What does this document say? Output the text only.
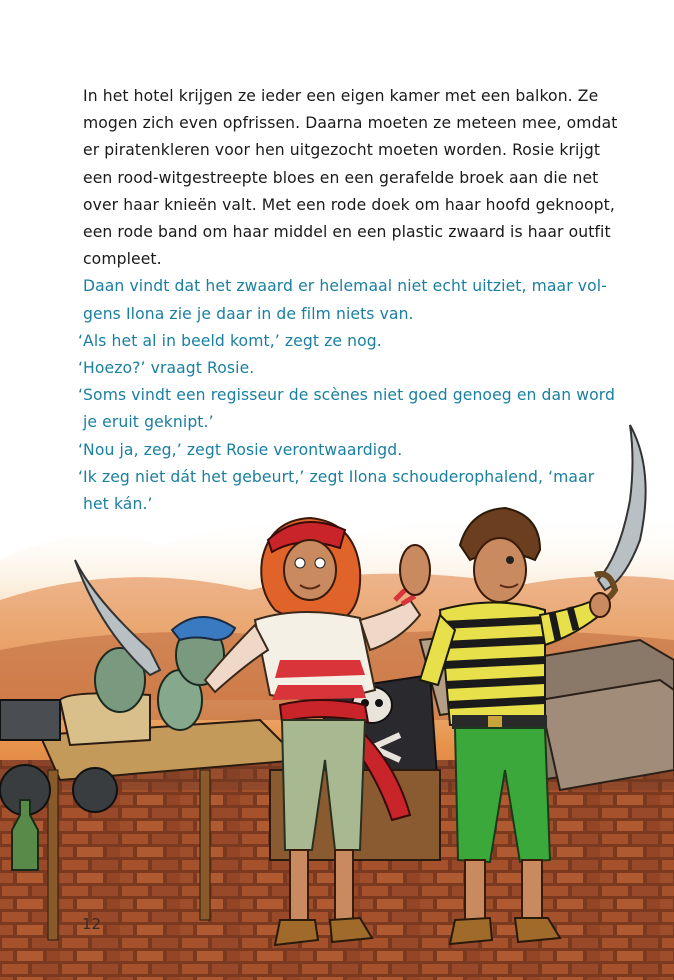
In het hotel krijgen ze ieder een eigen kamer met een balkon. Ze
mogen zich even opfrissen. Daarna moeten ze meteen mee, omdat
er piratenkleren voor hen uitgezocht moeten worden. Rosie krijgt
een rood-witgestreepte bloes en een gerafelde broek aan die net
over haar knieën valt. Met een rode doek om haar hoofd geknoopt,
een rode band om haar middel en een plastic zwaard is haar outfit
compleet.

Daan vindt dat het zwaard er helemaal niet echt uitziet, maar vol-
gens Ilona zie je daar in de film niets van.
‘Als het al in beeld komt,’ zegt ze nog.
‘Hoezo?’ vraagt Rosie.
‘Soms vindt een regisseur de scènes niet goed genoeg en dan word
je eruit geknipt.’
‘Nou ja, zeg,’ zegt Rosie verontwaardigd.
‘Ik zeg niet dát het gebeurt,’ zegt Ilona schouderophalend, ‘maar
het kán.’

12
